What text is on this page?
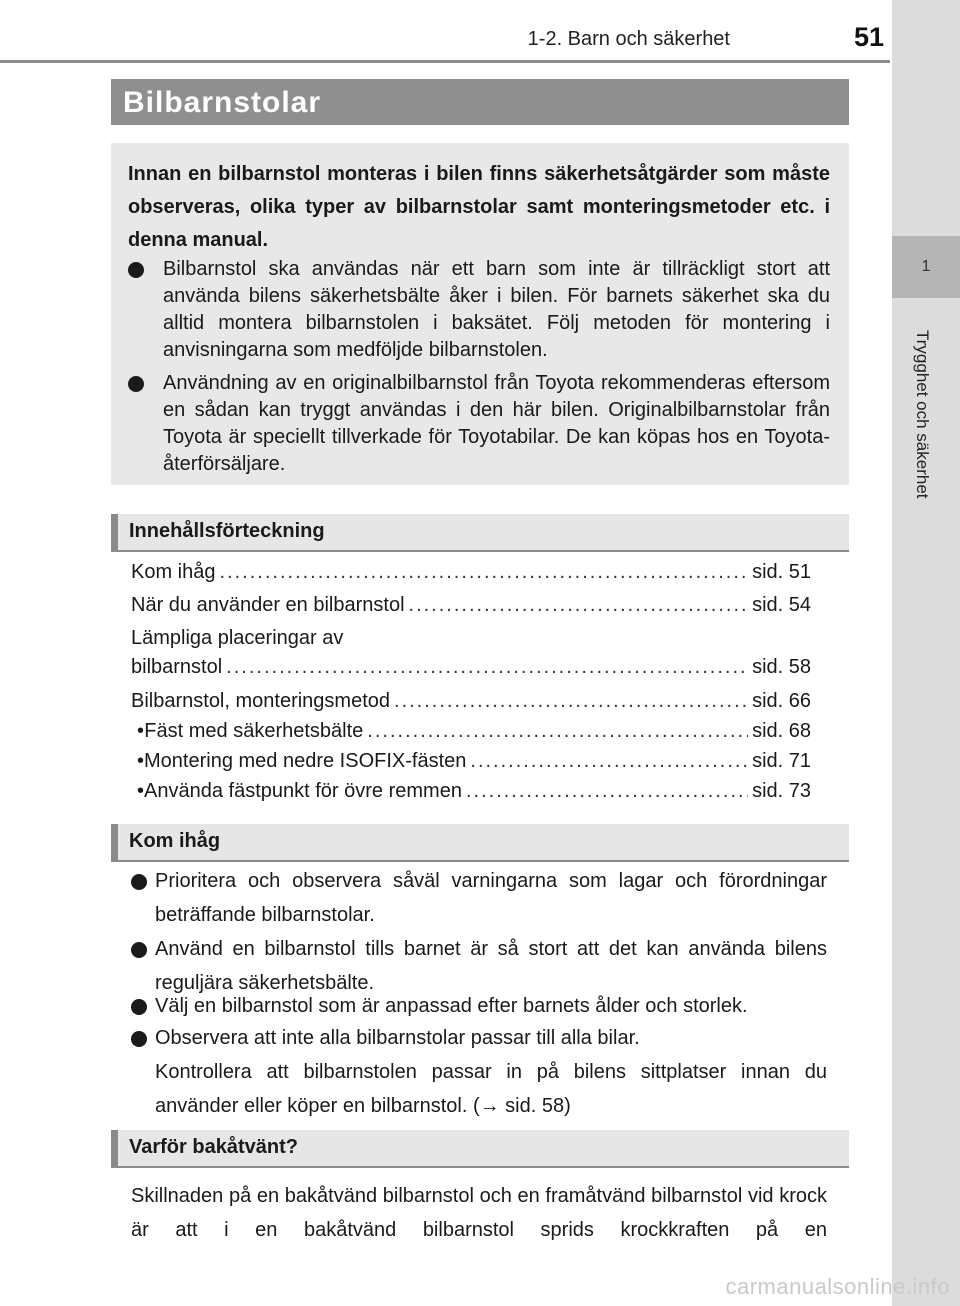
1-2. Barn och säkerhet	51
1
Trygghet och säkerhet
Bilbarnstolar
Innan en bilbarnstol monteras i bilen finns säkerhetsåtgärder som måste observeras, olika typer av bilbarnstolar samt monteringsmetoder etc. i denna manual.
Bilbarnstol ska användas när ett barn som inte är tillräckligt stort att använda bilens säkerhetsbälte åker i bilen. För barnets säkerhet ska du alltid montera bilbarnstolen i baksätet. Följ metoden för montering i anvisningarna som medföljde bilbarnstolen.
Användning av en originalbilbarnstol från Toyota rekommenderas eftersom en sådan kan tryggt användas i den här bilen. Originalbilbarnstolar från Toyota är speciellt tillverkade för Toyotabilar. De kan köpas hos en Toyota-återförsäljare.
Innehållsförteckning
Kom ihåg .....	sid. 51
När du använder en bilbarnstol .....	sid. 54
Lämpliga placeringar av
bilbarnstol .....	sid. 58
Bilbarnstol, monteringsmetod .....	sid. 66
• Fäst med säkerhetsbälte .....	sid. 68
• Montering med nedre ISOFIX-fästen .....	sid. 71
• Använda fästpunkt för övre remmen .....	sid. 73
Kom ihåg
Prioritera och observera såväl varningarna som lagar och förordningar beträffande bilbarnstolar.
Använd en bilbarnstol tills barnet är så stort att det kan använda bilens reguljära säkerhetsbälte.
Välj en bilbarnstol som är anpassad efter barnets ålder och storlek.
Observera att inte alla bilbarnstolar passar till alla bilar.
Kontrollera att bilbarnstolen passar in på bilens sittplatser innan du använder eller köper en bilbarnstol. (→ sid. 58)
Varför bakåtvänt?
Skillnaden på en bakåtvänd bilbarnstol och en framåtvänd bilbarnstol vid krock är att i en bakåtvänd bilbarnstol sprids krockkraften på en
carmanualsonline.info
